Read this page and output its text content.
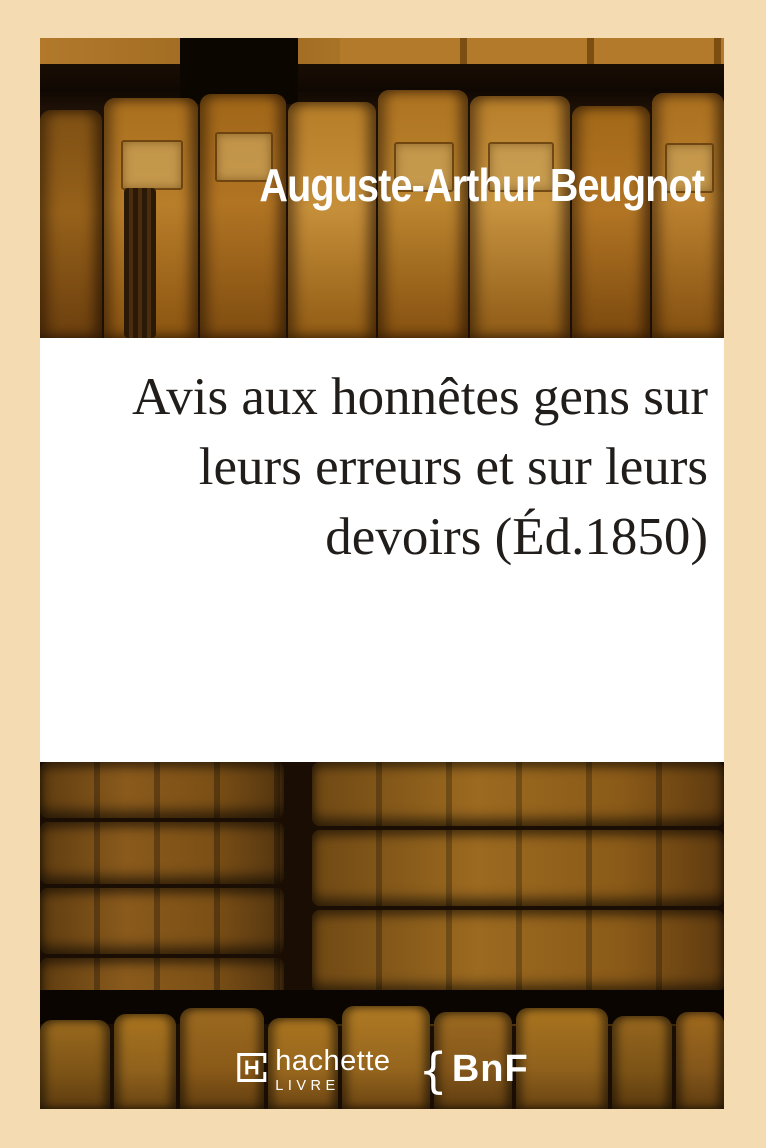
Auguste-Arthur Beugnot
Avis aux honnêtes gens sur
leurs erreurs et sur leurs
devoirs (Éd.1850)
hachette
LIVRE	{ BnF
